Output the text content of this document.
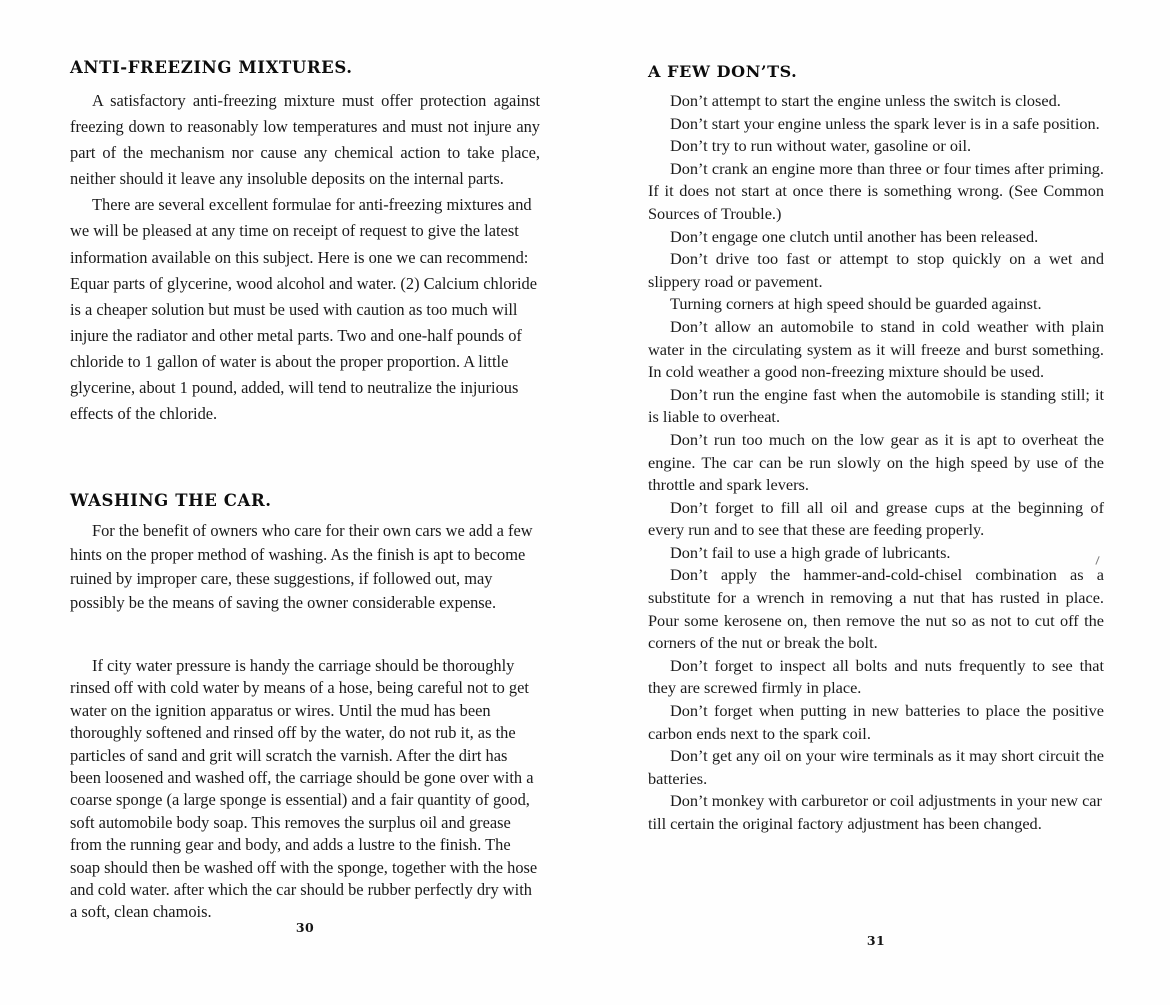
ANTI-FREEZING MIXTURES.

A satisfactory anti-freezing mixture must offer protection against freezing down to reasonably low temperatures and must not injure any part of the mechanism nor cause any chemical action to take place, neither should it leave any insoluble deposits on the internal parts.

There are several excellent formulae for anti-freezing mixtures and we will be pleased at any time on receipt of request to give the latest information available on this subject. Here is one we can recommend: Equar parts of glycerine, wood alcohol and water. (2) Calcium chloride is a cheaper solution but must be used with caution as too much will injure the radiator and other metal parts. Two and one-half pounds of chloride to 1 gallon of water is about the proper proportion. A little glycerine, about 1 pound, added, will tend to neutralize the injurious effects of the chloride.

WASHING THE CAR.

For the benefit of owners who care for their own cars we add a few hints on the proper method of washing. As the finish is apt to become ruined by improper care, these suggestions, if followed out, may possibly be the means of saving the owner considerable expense.

If city water pressure is handy the carriage should be thoroughly rinsed off with cold water by means of a hose, being careful not to get water on the ignition apparatus or wires. Until the mud has been thoroughly softened and rinsed off by the water, do not rub it, as the particles of sand and grit will scratch the varnish. After the dirt has been loosened and washed off, the carriage should be gone over with a coarse sponge (a large sponge is essential) and a fair quantity of good, soft automobile body soap. This removes the surplus oil and grease from the running gear and body, and adds a lustre to the finish. The soap should then be washed off with the sponge, together with the hose and cold water. after which the car should be rubber perfectly dry with a soft, clean chamois.

30
A FEW DON’TS.

Don’t attempt to start the engine unless the switch is closed.

Don’t start your engine unless the spark lever is in a safe position.

Don’t try to run without water, gasoline or oil.

Don’t crank an engine more than three or four times after priming. If it does not start at once there is something wrong. (See Common Sources of Trouble.)

Don’t engage one clutch until another has been released.

Don’t drive too fast or attempt to stop quickly on a wet and slippery road or pavement.

Turning corners at high speed should be guarded against.

Don’t allow an automobile to stand in cold weather with plain water in the circulating system as it will freeze and burst something. In cold weather a good non-freezing mixture should be used.

Don’t run the engine fast when the automobile is standing still; it is liable to overheat.

Don’t run too much on the low gear as it is apt to overheat the engine. The car can be run slowly on the high speed by use of the throttle and spark levers.

Don’t forget to fill all oil and grease cups at the beginning of every run and to see that these are feeding properly.

Don’t fail to use a high grade of lubricants.

Don’t apply the hammer-and-cold-chisel combination as a substitute for a wrench in removing a nut that has rusted in place. Pour some kerosene on, then remove the nut so as not to cut off the corners of the nut or break the bolt.

Don’t forget to inspect all bolts and nuts frequently to see that they are screwed firmly in place.

Don’t forget when putting in new batteries to place the positive carbon ends next to the spark coil.

Don’t get any oil on your wire terminals as it may short circuit the batteries.

Don’t monkey with carburetor or coil adjustments in your new car till certain the original factory adjustment has been changed.

31
